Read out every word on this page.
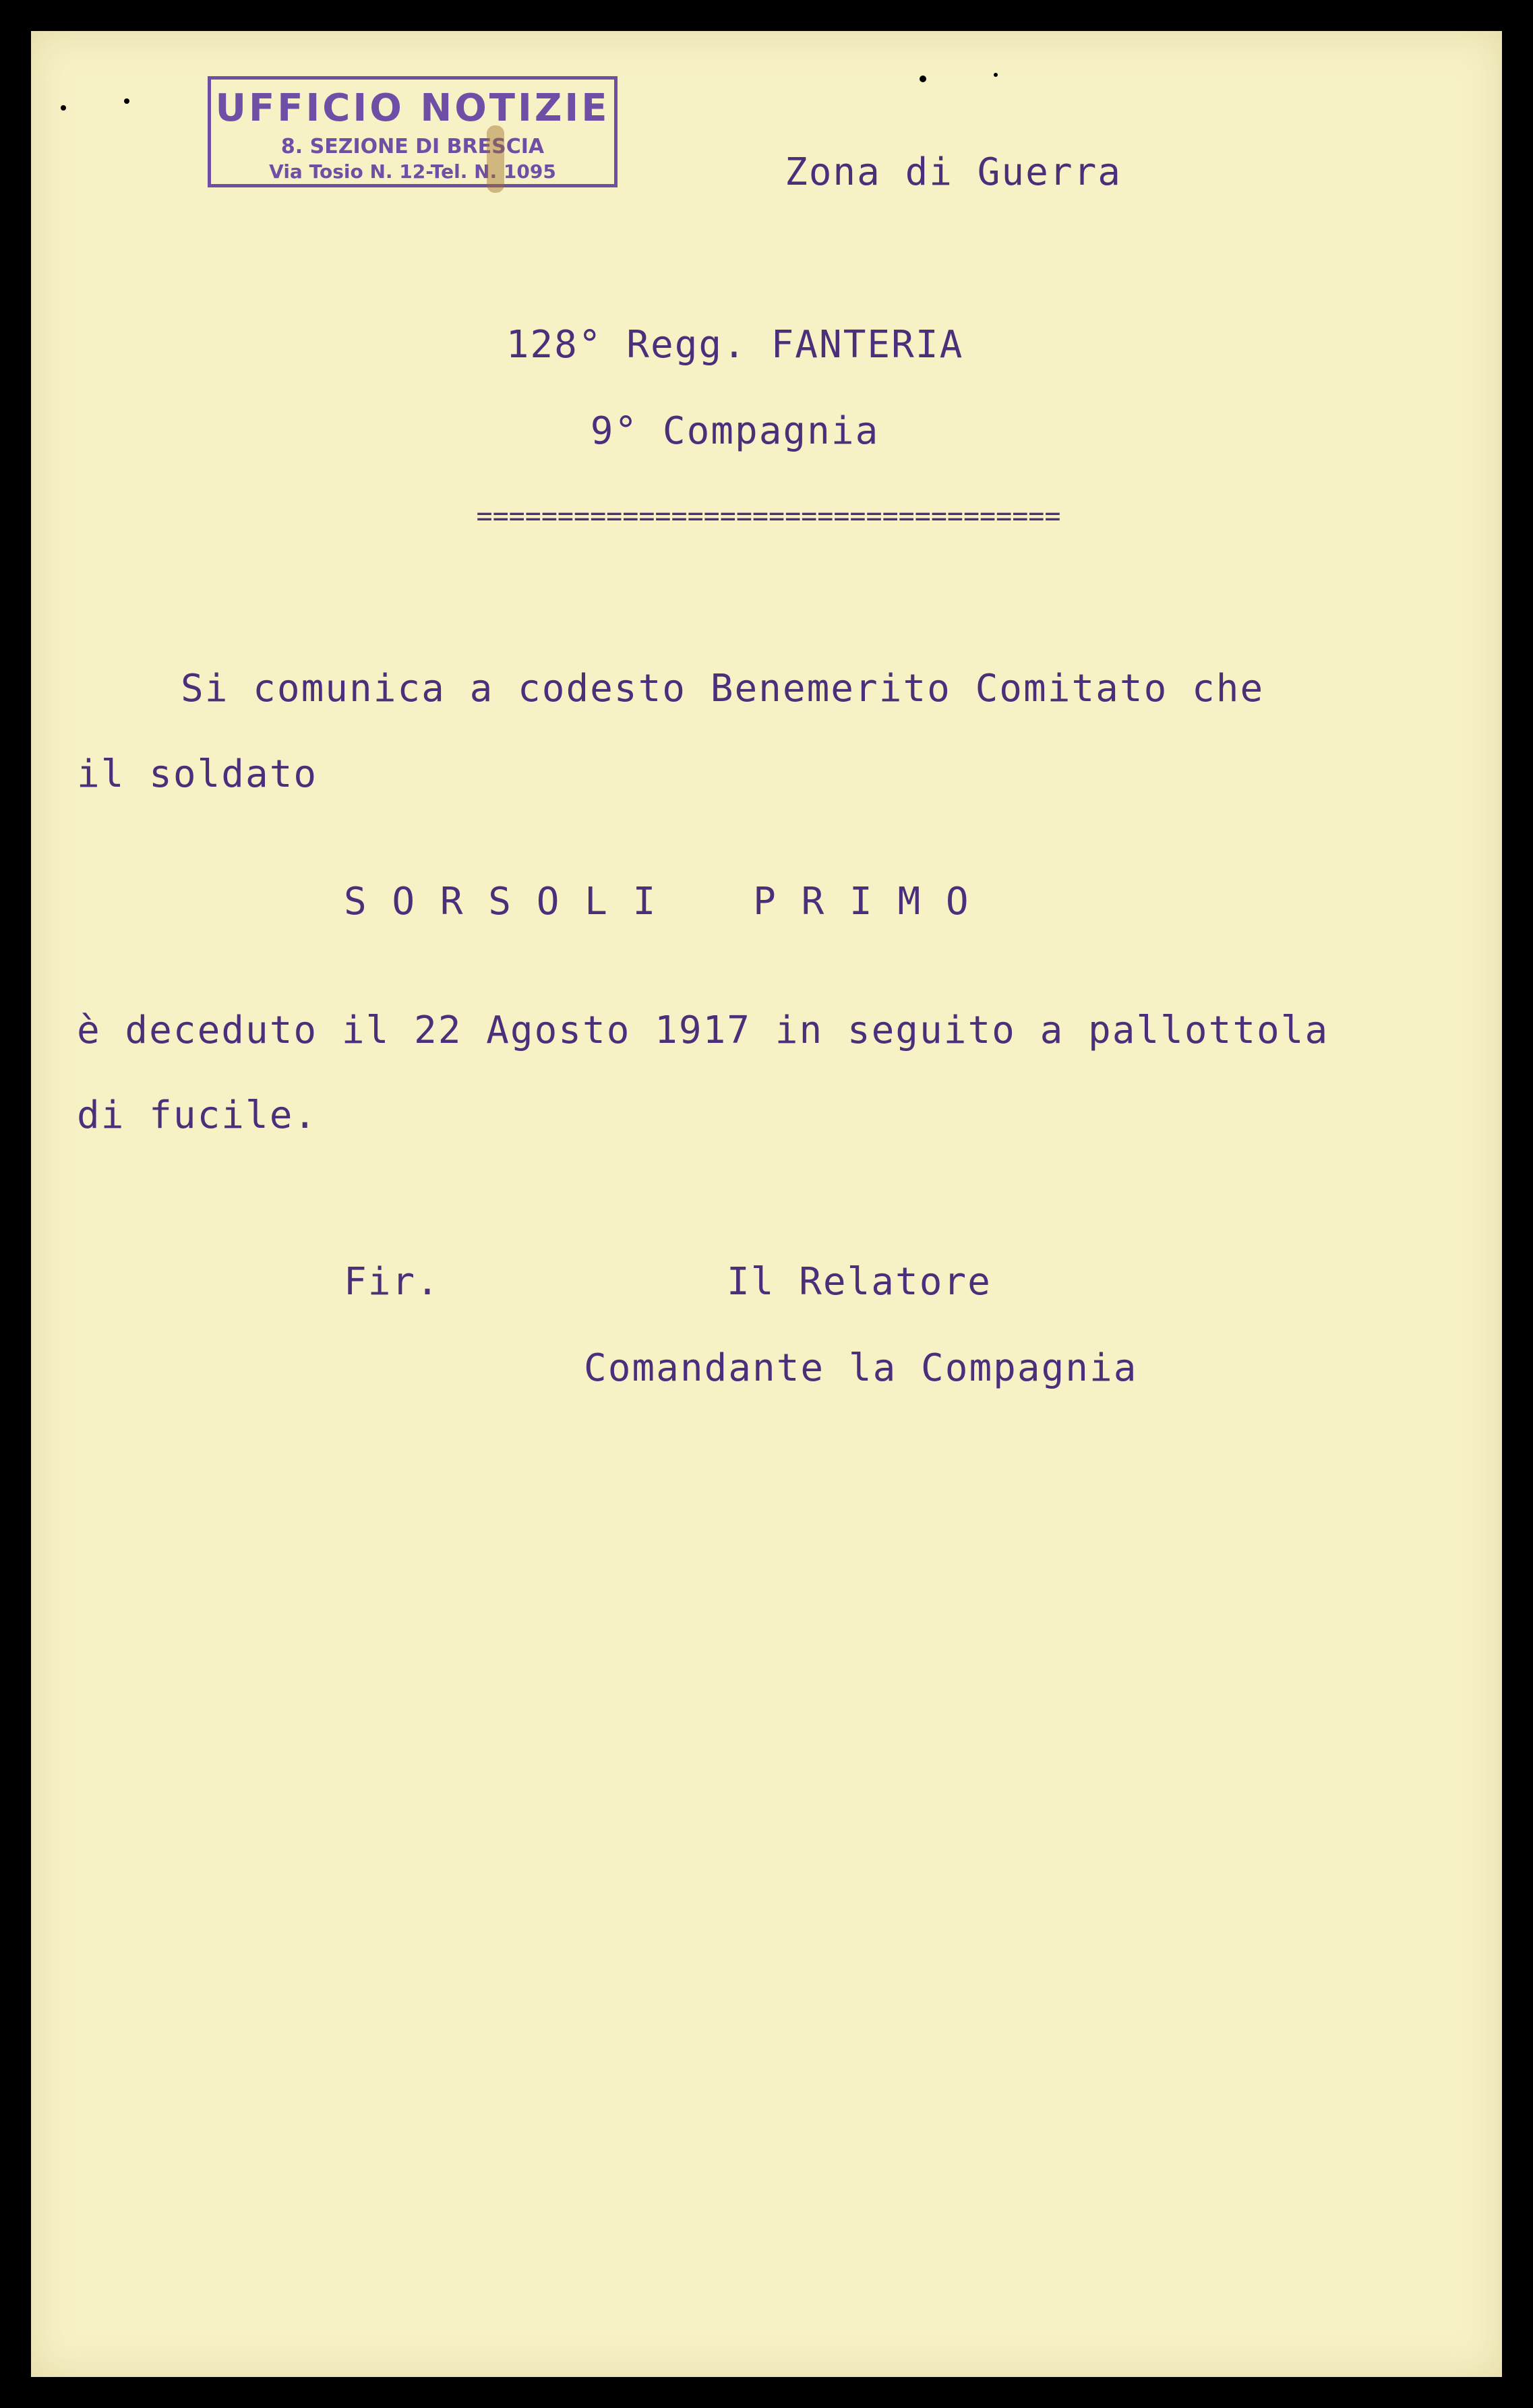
UFFICIO NOTIZIE
8. SEZIONE DI BRESCIA
Via Tosio N. 12-Tel. N. 1095	Zona di Guerra
128° Regg. FANTERIA
9° Compagnia
====================================
Si comunica a codesto Benemerito Comitato che
il soldato
S O R S O L I    P R I M O
è deceduto il 22 Agosto 1917 in seguito a pallottola
di fucile.
Fir.	Il Relatore
Comandante la Compagnia
